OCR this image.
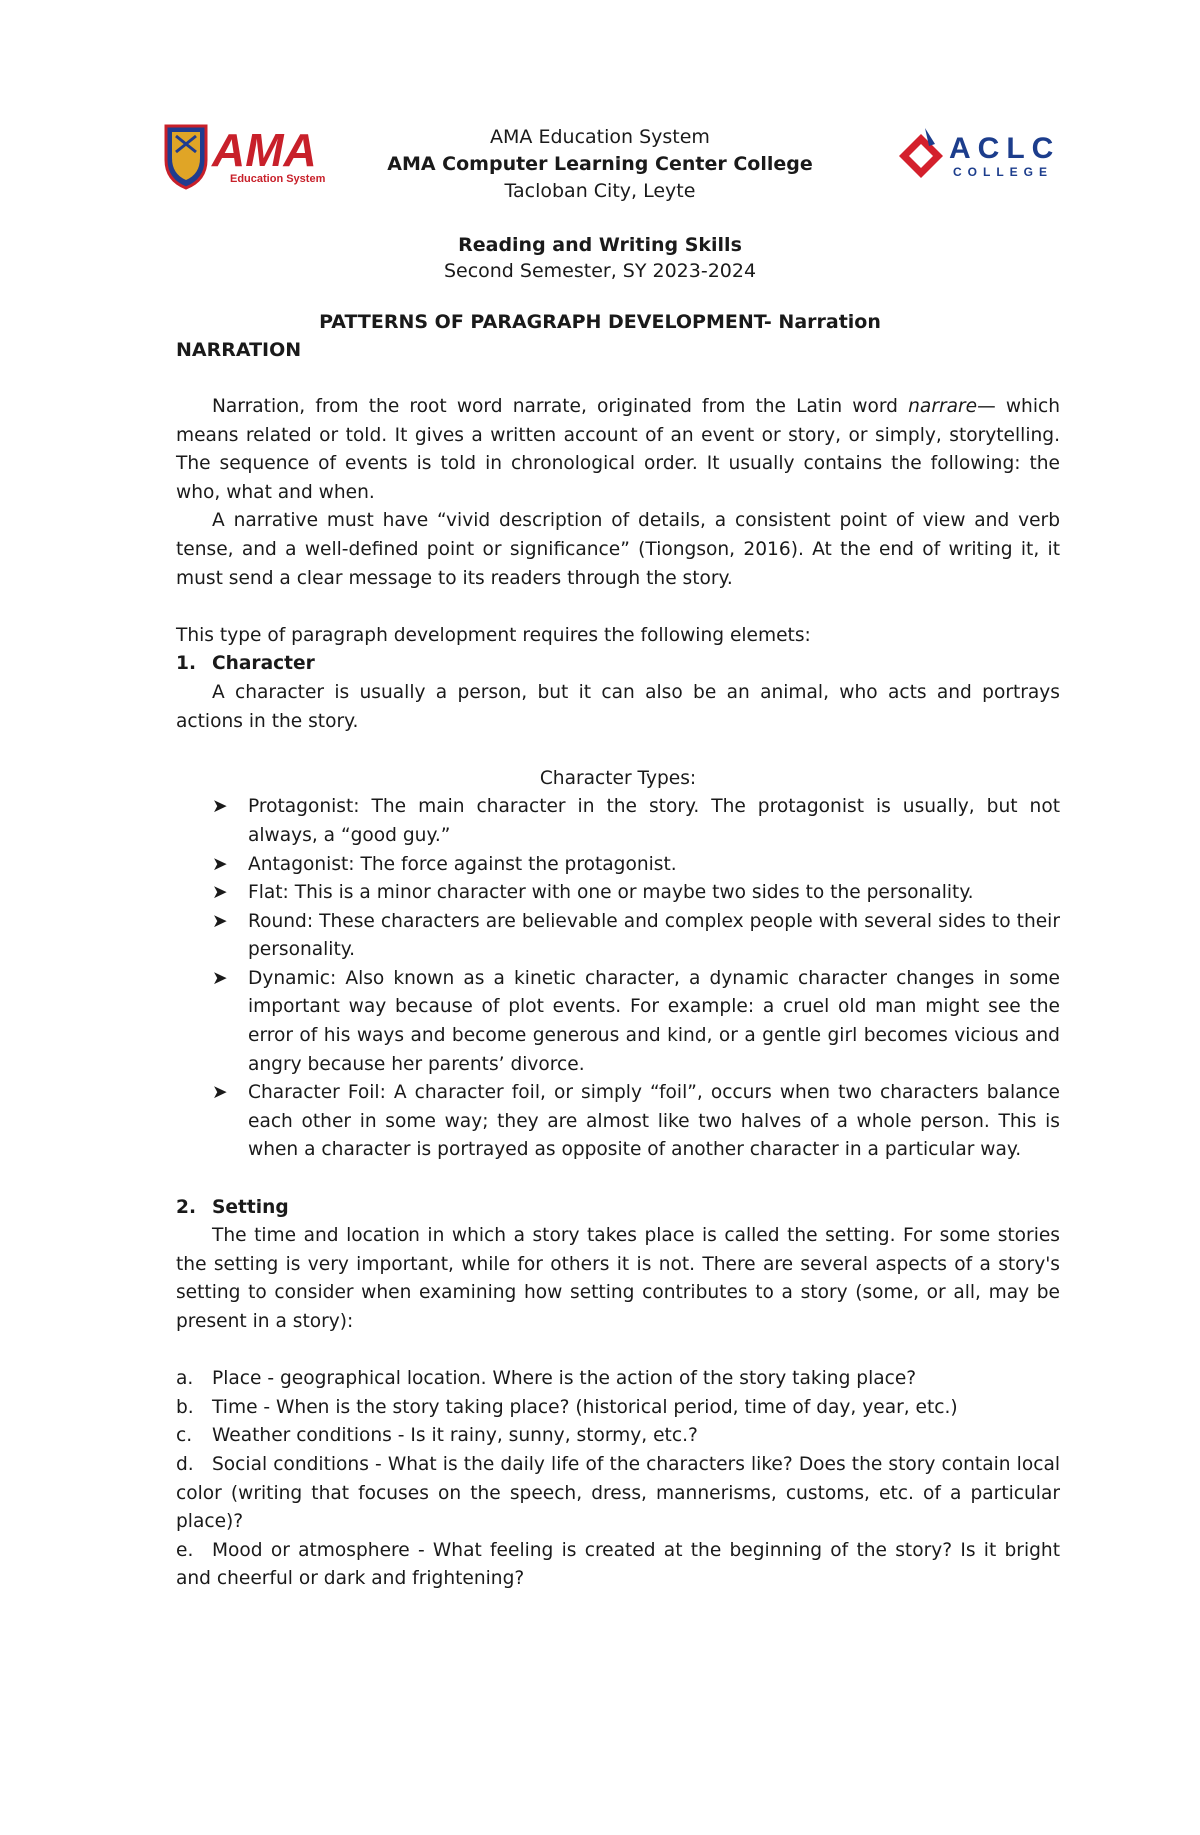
AMA
Education System
ACLC
COLLEGE
AMA Education System
AMA Computer Learning Center College
Tacloban City, Leyte
Reading and Writing Skills
Second Semester, SY 2023-2024
PATTERNS OF PARAGRAPH DEVELOPMENT- Narration
NARRATION

Narration, from the root word narrate, originated from the Latin word narrare— which means related or told. It gives a written account of an event or story, or simply, storytelling. The sequence of events is told in chronological order. It usually contains the following: the who, what and when.

A narrative must have “vivid description of details, a consistent point of view and verb tense, and a well-defined point or significance” (Tiongson, 2016). At the end of writing it, it must send a clear message to its readers through the story.

This type of paragraph development requires the following elemets:

1. Character

A character is usually a person, but it can also be an animal, who acts and portrays actions in the story.

Character Types:
➤ Protagonist: The main character in the story. The protagonist is usually, but not always, a “good guy.”
➤ Antagonist: The force against the protagonist.
➤ Flat: This is a minor character with one or maybe two sides to the personality.
➤ Round: These characters are believable and complex people with several sides to their personality.
➤ Dynamic: Also known as a kinetic character, a dynamic character changes in some important way because of plot events. For example: a cruel old man might see the error of his ways and become generous and kind, or a gentle girl becomes vicious and angry because her parents’ divorce.
➤ Character Foil: A character foil, or simply “foil”, occurs when two characters balance each other in some way; they are almost like two halves of a whole person. This is when a character is portrayed as opposite of another character in a particular way.
2. Setting

The time and location in which a story takes place is called the setting. For some stories the setting is very important, while for others it is not. There are several aspects of a story's setting to consider when examining how setting contributes to a story (some, or all, may be present in a story):

a. Place - geographical location. Where is the action of the story taking place?
b. Time - When is the story taking place? (historical period, time of day, year, etc.)
c. Weather conditions - Is it rainy, sunny, stormy, etc.?
d. Social conditions - What is the daily life of the characters like? Does the story contain local color (writing that focuses on the speech, dress, mannerisms, customs, etc. of a particular place)?
e. Mood or atmosphere - What feeling is created at the beginning of the story? Is it bright and cheerful or dark and frightening?
